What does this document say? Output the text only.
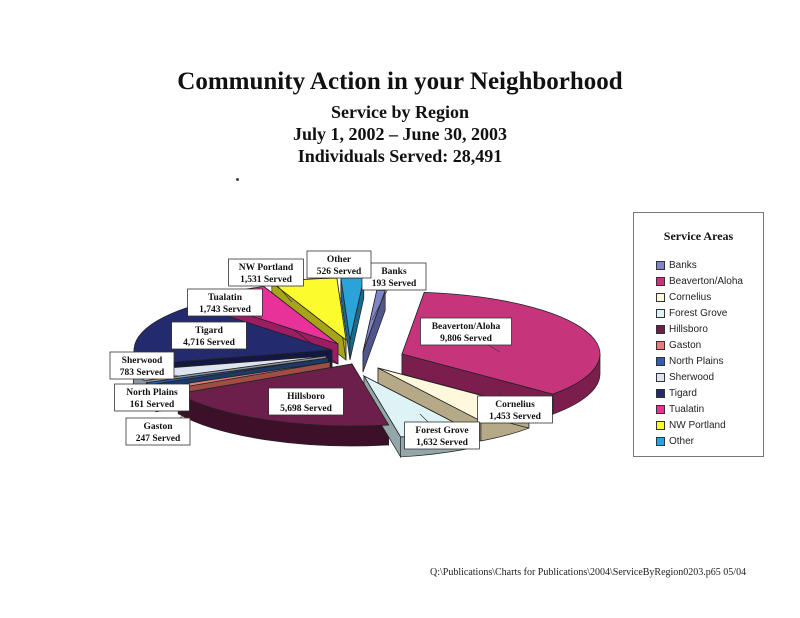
Community Action in your Neighborhood
Service by Region
July 1, 2002 – June 30, 2003
Individuals Served: 28,491
Banks
193 Served
Beaverton/Aloha
9,806 Served
Cornelius
1,453 Served
Forest Grove
1,632 Served
Hillsboro
5,698 Served
Gaston
247 Served
North Plains
161 Served
Sherwood
783 Served
Tigard
4,716 Served
Tualatin
1,743 Served
NW Portland
1,531 Served
Other
526 Served
Service Areas
Banks
Beaverton/Aloha
Cornelius
Forest Grove
Hillsboro
Gaston
North Plains
Sherwood
Tigard
Tualatin
NW Portland
Other
Q:\Publications\Charts for Publications\2004\ServiceByRegion0203.p65 05/04
